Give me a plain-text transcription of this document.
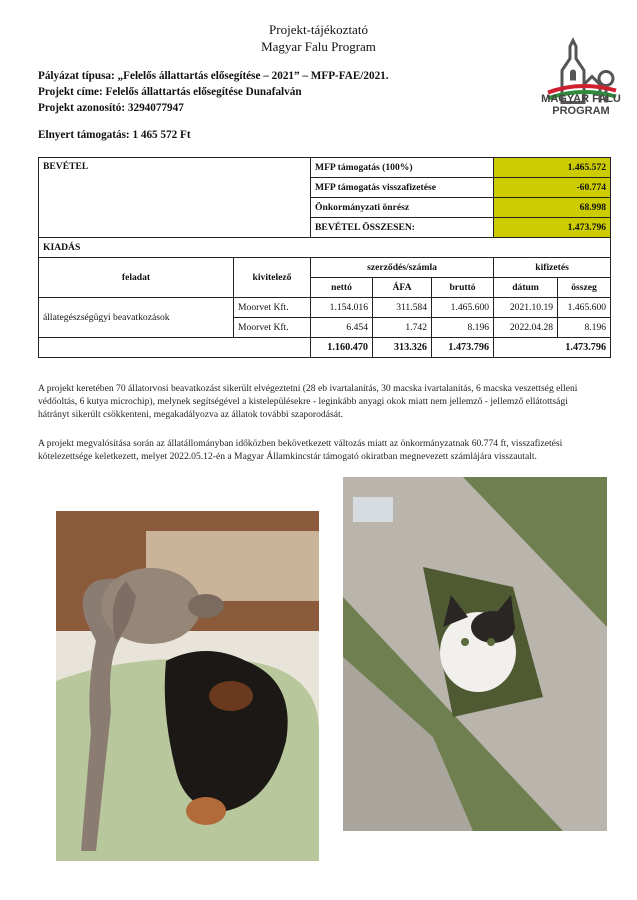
Projekt-tájékoztató
Magyar Falu Program
Pályázat típusa: „Felelős állattartás elősegítése – 2021” – MFP-FAE/2021.
Projekt címe: Felelős állattartás elősegítése Dunafalván
Projekt azonosító: 3294077947
Elnyert támogatás: 1 465 572 Ft
MAGYAR FALU
PROGRAM
BEVÉTEL		MFP támogatás (100%)			1.465.572	
		MFP támogatás visszafizetése			-60.774	
		Önkormányzati önrész			68.998	
		BEVÉTEL ÖSSZESEN:			1.473.796	
KIADÁS						
feladat	kivitelező	szerződés/számla			kifizetés	
		nettó	ÁFA	bruttó	dátum	összeg
állategészségügyi beavatkozások	Moorvet Kft.	1.154.016	311.584	1.465.600	2021.10.19	1.465.600
	Moorvet Kft.	6.454	1.742	8.196	2022.04.28	8.196
		1.160.470	313.326	1.473.796	1.473.796	
A projekt keretében 70 állatorvosi beavatkozást sikerült elvégeztetni (28 eb ivartalanítás, 30 macska ivartalanítás, 6 macska veszettség elleni védőoltás, 6 kutya microchip), melynek segítségével a kistelepülésekre - leginkább anyagi okok miatt nem jellemző - jellemző ellátottsági hátrányt sikerült csökkenteni, megakadályozva az állatok további szaporodását.
A projekt megvalósítása során az állatállományban időközben bekövetkezett változás miatt az önkormányzatnak 60.774 ft, visszafizetési kötelezettsége keletkezett, melyet 2022.05.12-én a Magyar Államkincstár támogató okiratban megnevezett számlájára visszautalt.
